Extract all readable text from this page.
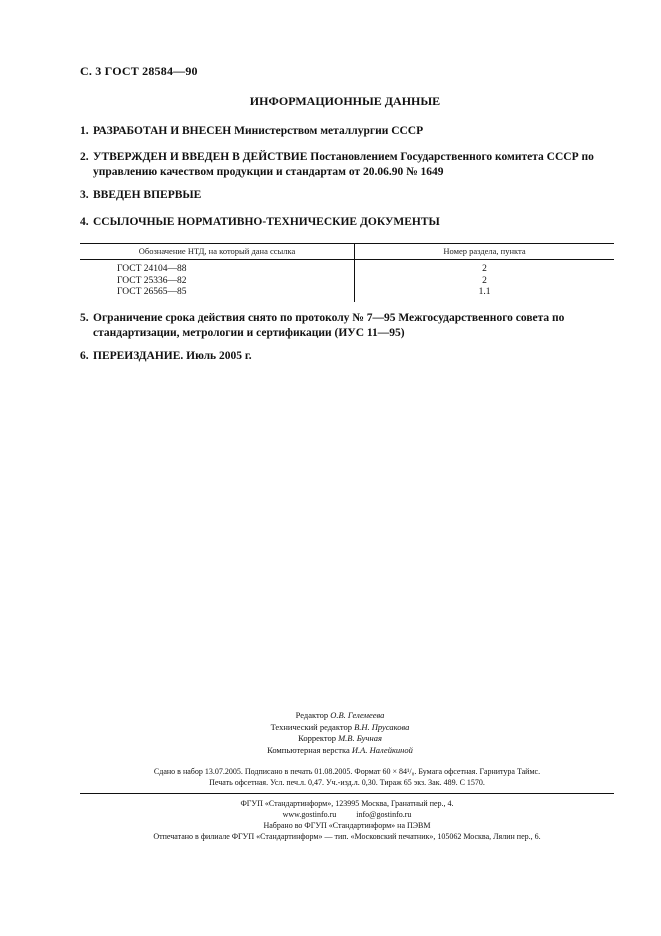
С. 3 ГОСТ 28584—90
ИНФОРМАЦИОННЫЕ ДАННЫЕ
1. РАЗРАБОТАН И ВНЕСЕН Министерством металлургии СССР
2. УТВЕРЖДЕН И ВВЕДЕН В ДЕЙСТВИЕ Постановлением Государственного комитета СССР по управлению качеством продукции и стандартам от 20.06.90 № 1649
3. ВВЕДЕН ВПЕРВЫЕ
4. ССЫЛОЧНЫЕ НОРМАТИВНО-ТЕХНИЧЕСКИЕ ДОКУМЕНТЫ
Обозначение НТД, на который дана ссылка	Номер раздела, пункта
ГОСТ 24104—88	2
ГОСТ 25336—82	2
ГОСТ 26565—85	1.1
5. Ограничение срока действия снято по протоколу № 7—95 Межгосударственного совета по стандартизации, метрологии и сертификации (ИУС 11—95)
6. ПЕРЕИЗДАНИЕ. Июль 2005 г.
Редактор О.В. Гелемеева
Технический редактор В.Н. Прусакова
Корректор М.В. Бучная
Компьютерная верстка И.А. Налейкиной
Сдано в набор 13.07.2005. Подписано в печать 01.08.2005. Формат 60 × 84¹/₈. Бумага офсетная. Гарнитура Таймс.
Печать офсетная. Усл. печ.л. 0,47. Уч.-изд.л. 0,30. Тираж 65 экз. Зак. 489. С 1570.
ФГУП «Стандартинформ», 123995 Москва, Гранатный пер., 4.
www.gostinfo.ru	info@gostinfo.ru
Набрано во ФГУП «Стандартинформ» на ПЭВМ
Отпечатано в филиале ФГУП «Стандартинформ» — тип. «Московский печатник», 105062 Москва, Лялин пер., 6.
